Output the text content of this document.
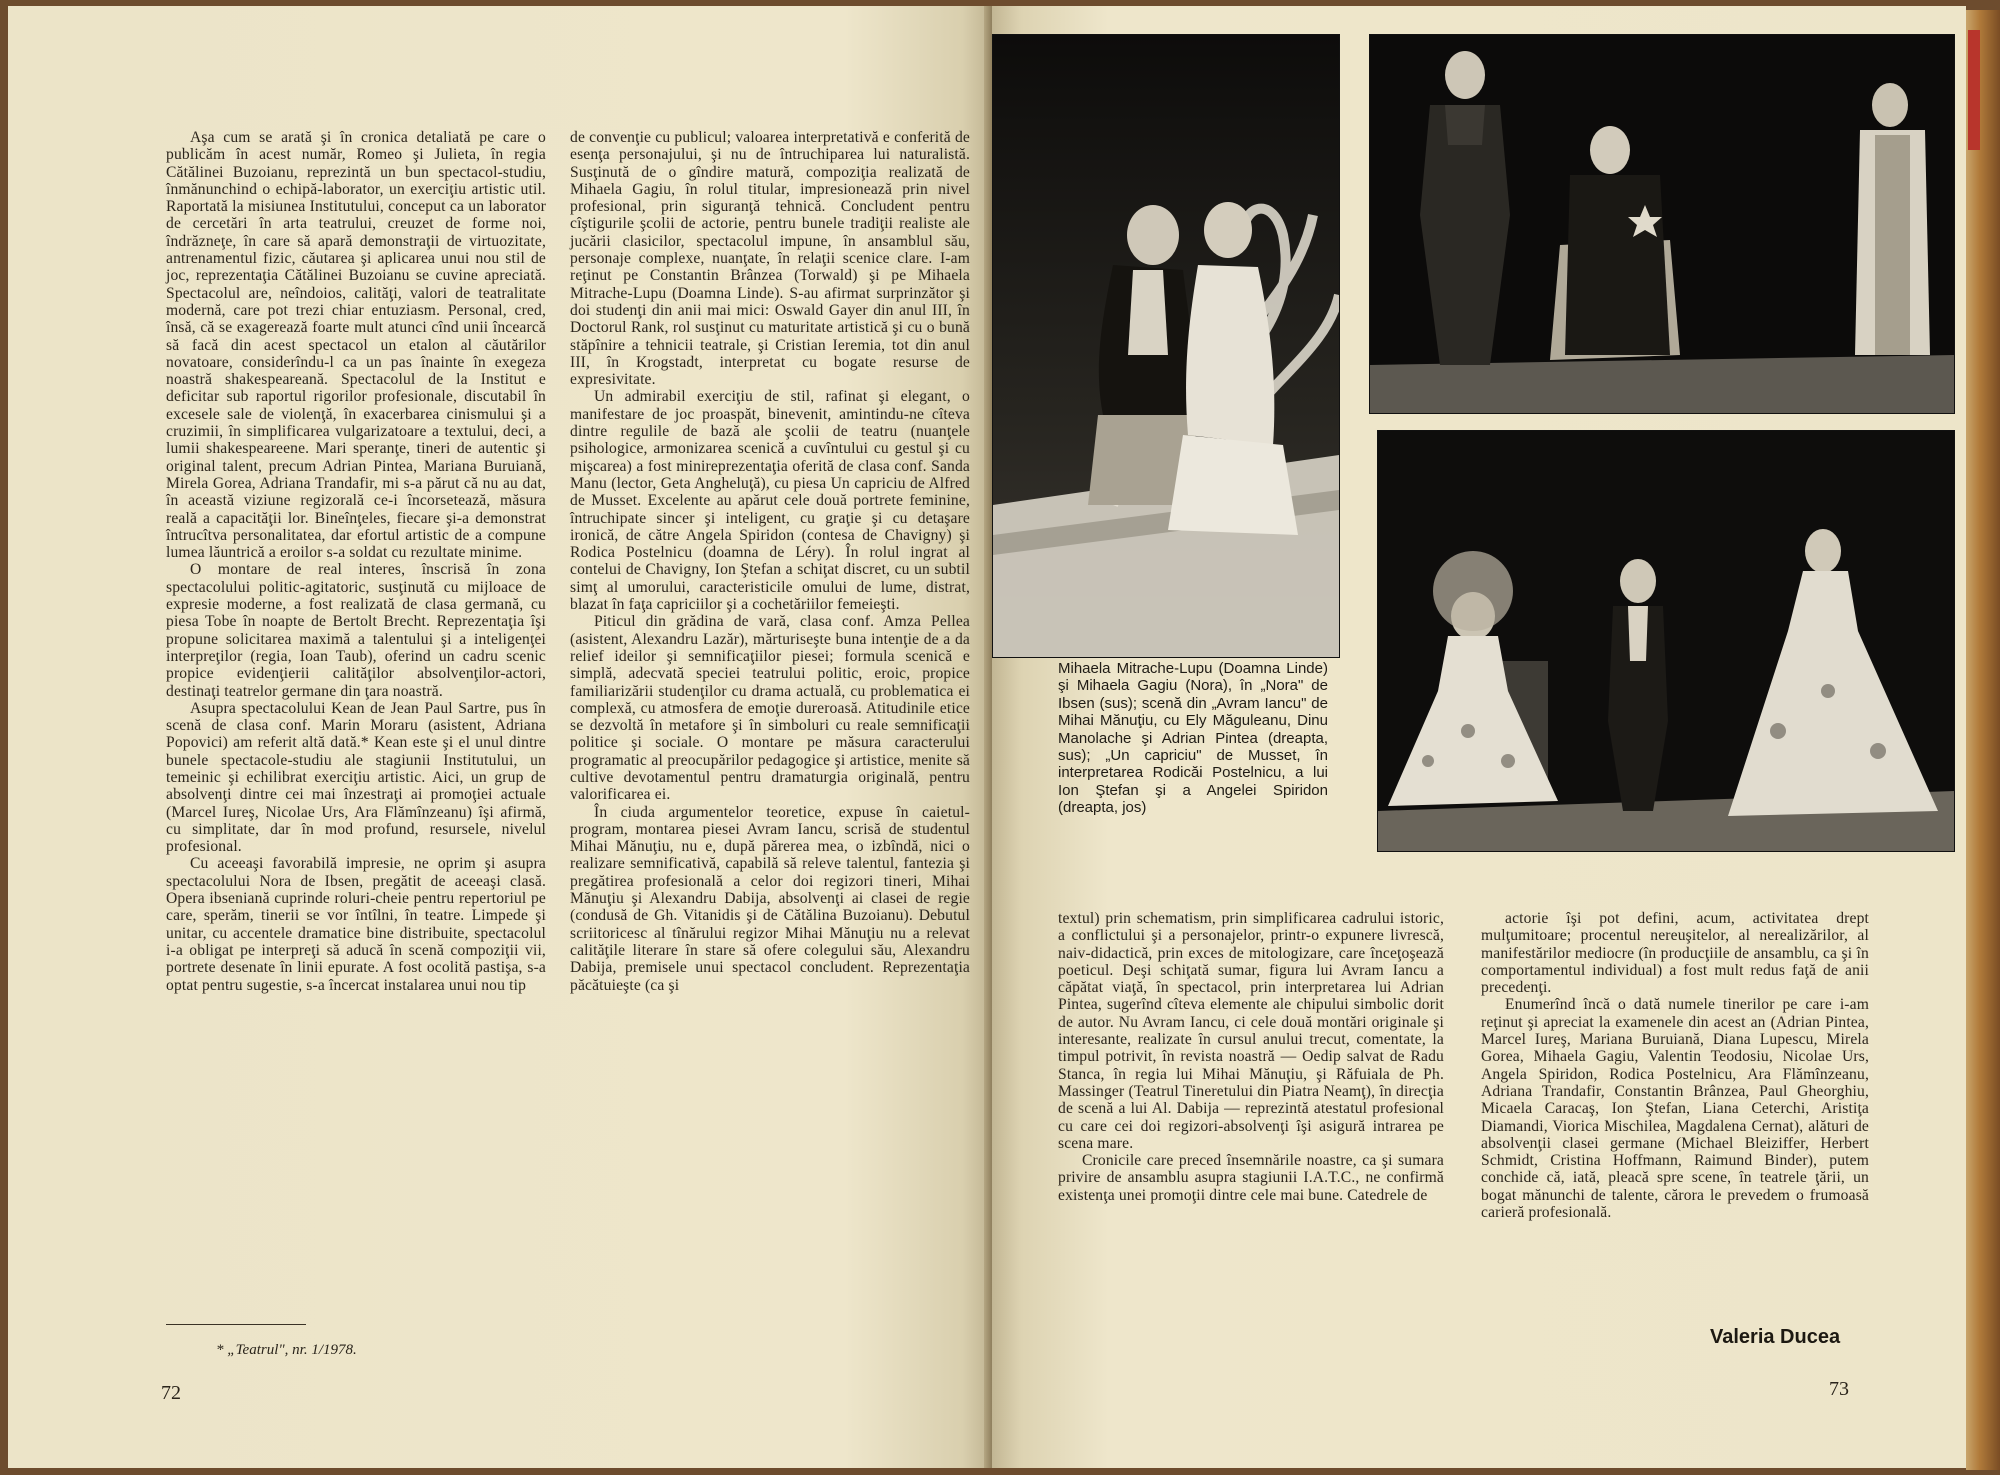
Aşa cum se arată şi în cronica detaliată pe care o publicăm în acest număr, Romeo şi Julieta, în regia Cătălinei Buzoianu, reprezintă un bun spectacol-studiu, înmănunchind o echipă-laborator, un exerciţiu artistic util. Raportată la misiunea Institutului, conceput ca un laborator de cercetări în arta teatrului, creuzet de forme noi, îndrăzneţe, în care să apară demonstraţii de virtuozitate, antrenamentul fizic, căutarea şi aplicarea unui nou stil de joc, reprezentaţia Cătălinei Buzoianu se cuvine apreciată. Spectacolul are, neîndoios, calităţi, valori de teatralitate modernă, care pot trezi chiar entuziasm. Personal, cred, însă, că se exagerează foarte mult atunci cînd unii încearcă să facă din acest spectacol un etalon al căutărilor novatoare, considerîndu-l ca un pas înainte în exegeza noastră shakespeareană. Spectacolul de la Institut e deficitar sub raportul rigorilor profesionale, discutabil în excesele sale de violenţă, în exacerbarea cinismului şi a cruzimii, în simplificarea vulgarizatoare a textului, deci, a lumii shakespeareene. Mari speranţe, tineri de autentic şi original talent, precum Adrian Pintea, Mariana Buruiană, Mirela Gorea, Adriana Trandafir, mi s-a părut că nu au dat, în această viziune regizorală ce-i încorsetează, măsura reală a capacităţii lor. Bineînţeles, fiecare şi-a demonstrat întrucîtva personalitatea, dar efortul artistic de a compune lumea lăuntrică a eroilor s-a soldat cu rezultate minime.

O montare de real interes, înscrisă în zona spectacolului politic-agitatoric, susţinută cu mijloace de expresie moderne, a fost realizată de clasa germană, cu piesa Tobe în noapte de Bertolt Brecht. Reprezentaţia îşi propune solicitarea maximă a talentului şi a inteligenţei interpreţilor (regia, Ioan Taub), oferind un cadru scenic propice evidenţierii calităţilor absolvenţilor-actori, destinaţi teatrelor germane din ţara noastră.

Asupra spectacolului Kean de Jean Paul Sartre, pus în scenă de clasa conf. Marin Moraru (asistent, Adriana Popovici) am referit altă dată.* Kean este şi el unul dintre bunele spectacole-studiu ale stagiunii Institutului, un temeinic şi echilibrat exerciţiu artistic. Aici, un grup de absolvenţi dintre cei mai înzestraţi ai promoţiei actuale (Marcel Iureş, Nicolae Urs, Ara Flămînzeanu) îşi afirmă, cu simplitate, dar în mod profund, resursele, nivelul profesional.

Cu aceeaşi favorabilă impresie, ne oprim şi asupra spectacolului Nora de Ibsen, pregătit de aceeaşi clasă. Opera ibseniană cuprinde roluri-cheie pentru repertoriul pe care, sperăm, tinerii se vor întîlni, în teatre. Limpede şi unitar, cu accentele dramatice bine distribuite, spectacolul i-a obligat pe interpreţi să aducă în scenă compoziţii vii, portrete desenate în linii epurate. A fost ocolită pastişa, s-a optat pentru sugestie, s-a încercat instalarea unui nou tip

de convenţie cu publicul; valoarea interpretativă e conferită de esenţa personajului, şi nu de întruchiparea lui naturalistă. Susţinută de o gîndire matură, compoziţia realizată de Mihaela Gagiu, în rolul titular, impresionează prin nivel profesional, prin siguranţă tehnică. Concludent pentru cîştigurile şcolii de actorie, pentru bunele tradiţii realiste ale jucării clasicilor, spectacolul impune, în ansamblul său, personaje complexe, nuanţate, în relaţii scenice clare. I-am reţinut pe Constantin Brânzea (Torwald) şi pe Mihaela Mitrache-Lupu (Doamna Linde). S-au afirmat surprinzător şi doi studenţi din anii mai mici: Oswald Gayer din anul III, în Doctorul Rank, rol susţinut cu maturitate artistică şi cu o bună stăpînire a tehnicii teatrale, şi Cristian Ieremia, tot din anul III, în Krogstadt, interpretat cu bogate resurse de expresivitate.

Un admirabil exerciţiu de stil, rafinat şi elegant, o manifestare de joc proaspăt, binevenit, amintindu-ne cîteva dintre regulile de bază ale şcolii de teatru (nuanţele psihologice, armonizarea scenică a cuvîntului cu gestul şi cu mişcarea) a fost minireprezentaţia oferită de clasa conf. Sanda Manu (lector, Geta Angheluţă), cu piesa Un capriciu de Alfred de Musset. Excelente au apărut cele două portrete feminine, întruchipate sincer şi inteligent, cu graţie şi cu detaşare ironică, de către Angela Spiridon (contesa de Chavigny) şi Rodica Postelnicu (doamna de Léry). În rolul ingrat al contelui de Chavigny, Ion Ştefan a schiţat discret, cu un subtil simţ al umorului, caracteristicile omului de lume, distrat, blazat în faţa capriciilor şi a cochetăriilor femeieşti.

Piticul din grădina de vară, clasa conf. Amza Pellea (asistent, Alexandru Lazăr), mărturiseşte buna intenţie de a da relief ideilor şi semnificaţiilor piesei; formula scenică e simplă, adecvată speciei teatrului politic, eroic, propice familiarizării studenţilor cu drama actuală, cu problematica ei complexă, cu atmosfera de emoţie dureroasă. Atitudinile etice se dezvoltă în metafore şi în simboluri cu reale semnificaţii politice şi sociale. O montare pe măsura caracterului programatic al preocupărilor pedagogice şi artistice, menite să cultive devotamentul pentru dramaturgia originală, pentru valorificarea ei.

În ciuda argumentelor teoretice, expuse în caietul-program, montarea piesei Avram Iancu, scrisă de studentul Mihai Mănuţiu, nu e, după părerea mea, o izbîndă, nici o realizare semnificativă, capabilă să releve talentul, fantezia şi pregătirea profesională a celor doi regizori tineri, Mihai Mănuţiu şi Alexandru Dabija, absolvenţi ai clasei de regie (condusă de Gh. Vitanidis şi de Cătălina Buzoianu). Debutul scriitoricesc al tînărului regizor Mihai Mănuţiu nu a relevat calităţile literare în stare să ofere colegului său, Alexandru Dabija, premisele unui spectacol concludent. Reprezentaţia păcătuieşte (ca şi

* „Teatrul", nr. 1/1978.
72
Mihaela Mitrache-Lupu (Doamna Linde) şi Mihaela Gagiu (Nora), în „Nora" de Ibsen (sus); scenă din „Avram Iancu" de Mihai Mănuţiu, cu Ely Măguleanu, Dinu Manolache şi Adrian Pintea (dreapta, sus); „Un capriciu" de Musset, în interpretarea Rodicăi Postelnicu, a lui Ion Ştefan şi a Angelei Spiridon (dreapta, jos)

textul) prin schematism, prin simplificarea cadrului istoric, a conflictului şi a personajelor, printr-o expunere livrescă, naiv-didactică, prin exces de mitologizare, care înceţoşează poeticul. Deşi schiţată sumar, figura lui Avram Iancu a căpătat viaţă, în spectacol, prin interpretarea lui Adrian Pintea, sugerînd cîteva elemente ale chipului simbolic dorit de autor. Nu Avram Iancu, ci cele două montări originale şi interesante, realizate în cursul anului trecut, comentate, la timpul potrivit, în revista noastră — Oedip salvat de Radu Stanca, în regia lui Mihai Mănuţiu, şi Răfuiala de Ph. Massinger (Teatrul Tineretului din Piatra Neamţ), în direcţia de scenă a lui Al. Dabija — reprezintă atestatul profesional cu care cei doi regizori-absolvenţi îşi asigură intrarea pe scena mare.

Cronicile care preced însemnările noastre, ca şi sumara privire de ansamblu asupra stagiunii I.A.T.C., ne confirmă existenţa unei promoţii dintre cele mai bune. Catedrele de

actorie îşi pot defini, acum, activitatea drept mulţumitoare; procentul nereuşitelor, al nerealizărilor, al manifestărilor mediocre (în producţiile de ansamblu, ca şi în comportamentul individual) a fost mult redus faţă de anii precedenţi.

Enumerînd încă o dată numele tinerilor pe care i-am reţinut şi apreciat la examenele din acest an (Adrian Pintea, Marcel Iureş, Mariana Buruiană, Diana Lupescu, Mirela Gorea, Mihaela Gagiu, Valentin Teodosiu, Nicolae Urs, Angela Spiridon, Rodica Postelnicu, Ara Flămînzeanu, Adriana Trandafir, Constantin Brânzea, Paul Gheorghiu, Micaela Caracaş, Ion Ştefan, Liana Ceterchi, Aristiţa Diamandi, Viorica Mischilea, Magdalena Cernat), alături de absolvenţii clasei germane (Michael Bleiziffer, Herbert Schmidt, Cristina Hoffmann, Raimund Binder), putem conchide că, iată, pleacă spre scene, în teatrele ţării, un bogat mănunchi de talente, cărora le prevedem o frumoasă carieră profesională.

Valeria Ducea
73
